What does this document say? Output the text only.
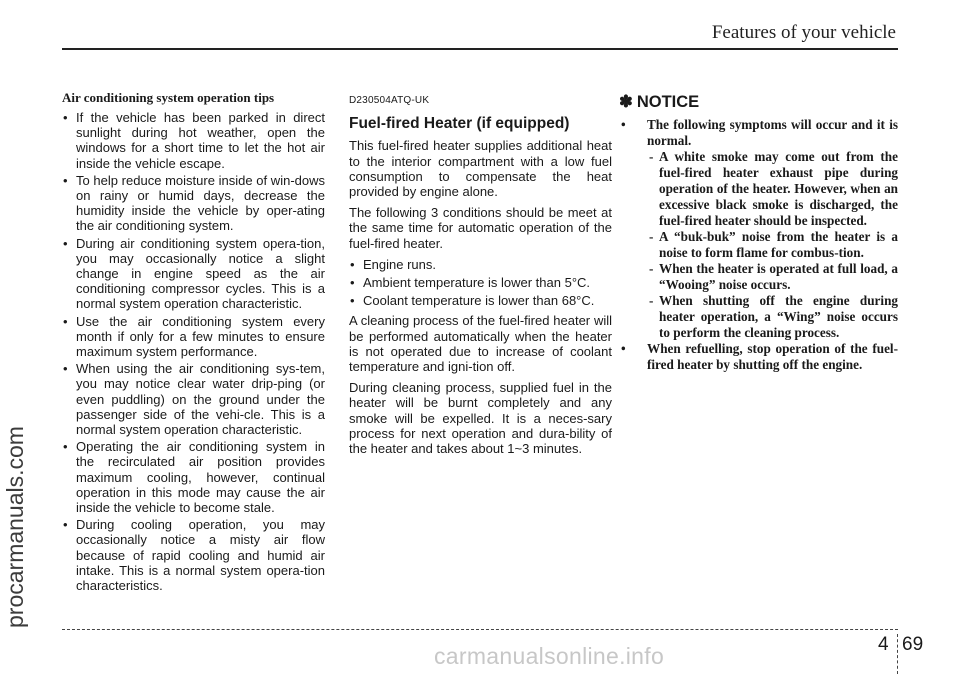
Features of your vehicle
procarmanuals.com
Air conditioning system operation tips
• If the vehicle has been parked in direct sunlight during hot weather, open the windows for a short time to let the hot air inside the vehicle escape.
• To help reduce moisture inside of win-dows on rainy or humid days, decrease the humidity inside the vehicle by oper-ating the air conditioning system.
• During air conditioning system opera-tion, you may occasionally notice a slight change in engine speed as the air conditioning compressor cycles. This is a normal system operation characteristic.
• Use the air conditioning system every month if only for a few minutes to ensure maximum system performance.
• When using the air conditioning sys-tem, you may notice clear water drip-ping (or even puddling) on the ground under the passenger side of the vehi-cle. This is a normal system operation characteristic.
• Operating the air conditioning system in the recirculated air position provides maximum cooling, however, continual operation in this mode may cause the air inside the vehicle to become stale.
• During cooling operation, you may occasionally notice a misty air flow because of rapid cooling and humid air intake. This is a normal system opera-tion characteristics.
D230504ATQ-UK
Fuel-fired Heater (if equipped)

This fuel-fired heater supplies additional heat to the interior compartment with a low fuel consumption to compensate the heat provided by engine alone.

The following 3 conditions should be meet at the same time for automatic operation of the fuel-fired heater.

• Engine runs.
• Ambient temperature is lower than 5°C.
• Coolant temperature is lower than 68°C.

A cleaning process of the fuel-fired heater will be performed automatically when the heater is not operated due to increase of coolant temperature and igni-tion off.

During cleaning process, supplied fuel in the heater will be burnt completely and any smoke will be expelled. It is a neces-sary process for next operation and dura-bility of the heater and takes about 1~3 minutes.

✽ NOTICE
• The following symptoms will occur and it is normal.
- A white smoke may come out from the fuel-fired heater exhaust pipe during operation of the heater. However, when an excessive black smoke is discharged, the fuel-fired heater should be inspected.
- A “buk-buk” noise from the heater is a noise to form flame for combus-tion.
- When the heater is operated at full load, a “Wooing” noise occurs.
- When shutting off the engine during heater operation, a “Wing” noise occurs to perform the cleaning process.
• When refuelling, stop operation of the fuel-fired heater by shutting off the engine.
4 69
carmanualsonline.info
